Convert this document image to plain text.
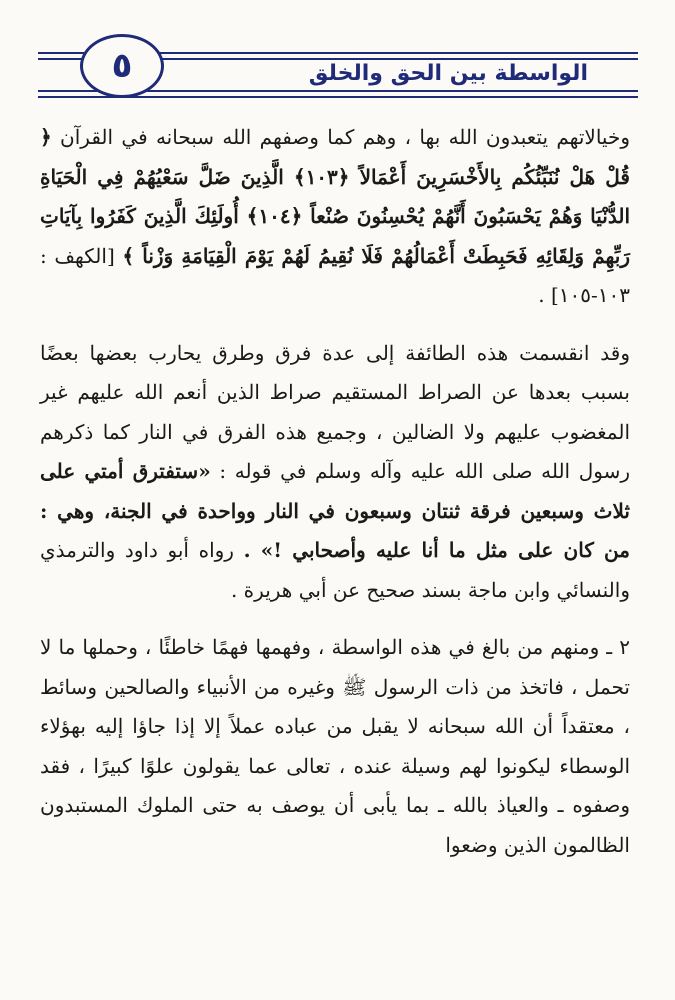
٥	الواسطة بين الحق والخلق

وخيالاتهم يتعبدون الله بها ، وهم كما وصفهم الله سبحانه في القرآن ﴿ قُلْ هَلْ نُنَبِّئُكُم بِالأَخْسَرِينَ أَعْمَالاً ﴿١٠٣﴾ الَّذِينَ ضَلَّ سَعْيُهُمْ فِي الْحَيَاةِ الدُّنْيَا وَهُمْ يَحْسَبُونَ أَنَّهُمْ يُحْسِنُونَ صُنْعاً ﴿١٠٤﴾ أُولَئِكَ الَّذِينَ كَفَرُوا بِآيَاتِ رَبِّهِمْ وَلِقَائِهِ فَحَبِطَتْ أَعْمَالُهُمْ فَلَا نُقِيمُ لَهُمْ يَوْمَ الْقِيَامَةِ وَزْناً ﴾ [الكهف : ١٠٣-١٠٥] .

وقد انقسمت هذه الطائفة إلى عدة فرق وطرق يحارب بعضها بعضًا بسبب بعدها عن الصراط المستقيم صراط الذين أنعم الله عليهم غير المغضوب عليهم ولا الضالين ، وجميع هذه الفرق في النار كما ذكرهم رسول الله صلى الله عليه وآله وسلم في قوله : «ستفترق أمتي على ثلاث وسبعين فرقة ثنتان وسبعون في النار وواحدة في الجنة، وهي : من كان على مثل ما أنا عليه وأصحابي !» . رواه أبو داود والترمذي والنسائي وابن ماجة بسند صحيح عن أبي هريرة .

٢ ـ ومنهم من بالغ في هذه الواسطة ، وفهمها فهمًا خاطئًا ، وحملها ما لا تحمل ، فاتخذ من ذات الرسول ﷺ وغيره من الأنبياء والصالحين وسائط ، معتقداً أن الله سبحانه لا يقبل من عباده عملاً إلا إذا جاؤا إليه بهؤلاء الوسطاء ليكونوا لهم وسيلة عنده ، تعالى عما يقولون علوًا كبيرًا ، فقد وصفوه ـ والعياذ بالله ـ بما يأبى أن يوصف به حتى الملوك المستبدون الظالمون الذين وضعوا
